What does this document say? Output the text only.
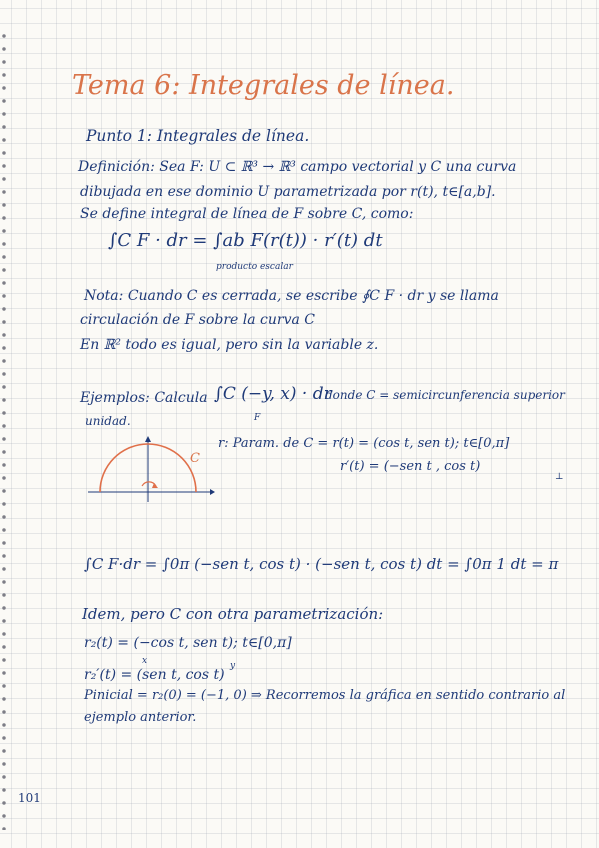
Tema 6: Integrales de línea.
Punto 1: Integrales de línea.
Definición: Sea F: U ⊂ ℝ³ → ℝ³ campo vectorial y C una curva
dibujada en ese dominio U parametrizada por r(t), t∈[a,b].
Se define integral de línea de F sobre C, como:
∫C F · dr = ∫ab F(r(t)) · r′(t) dt
producto escalar
Nota: Cuando C es cerrada, se escribe ∮C F · dr y se llama
circulación de F sobre la curva C
En ℝ² todo es igual, pero sin la variable z.
Ejemplos: Calcula ∫C (−y, x) · dr
F
donde C = semicircunferencia superior
unidad.
r: Param. de C = r(t) = (cos t, sen t); t∈[0,π]
r′(t) = (−sen t , cos t)
⊥
C
∫C F·dr = ∫0π (−sen t, cos t) · (−sen t, cos t) dt = ∫0π 1 dt = π
Idem, pero C con otra parametrización:
r₂(t) = (−cos t, sen t); t∈[0,π]
x
r₂′(t) = (sen t, cos t)
y
Pinicial = r₂(0) = (−1, 0) ⇒ Recorremos la gráfica en sentido contrario al
ejemplo anterior.
101
